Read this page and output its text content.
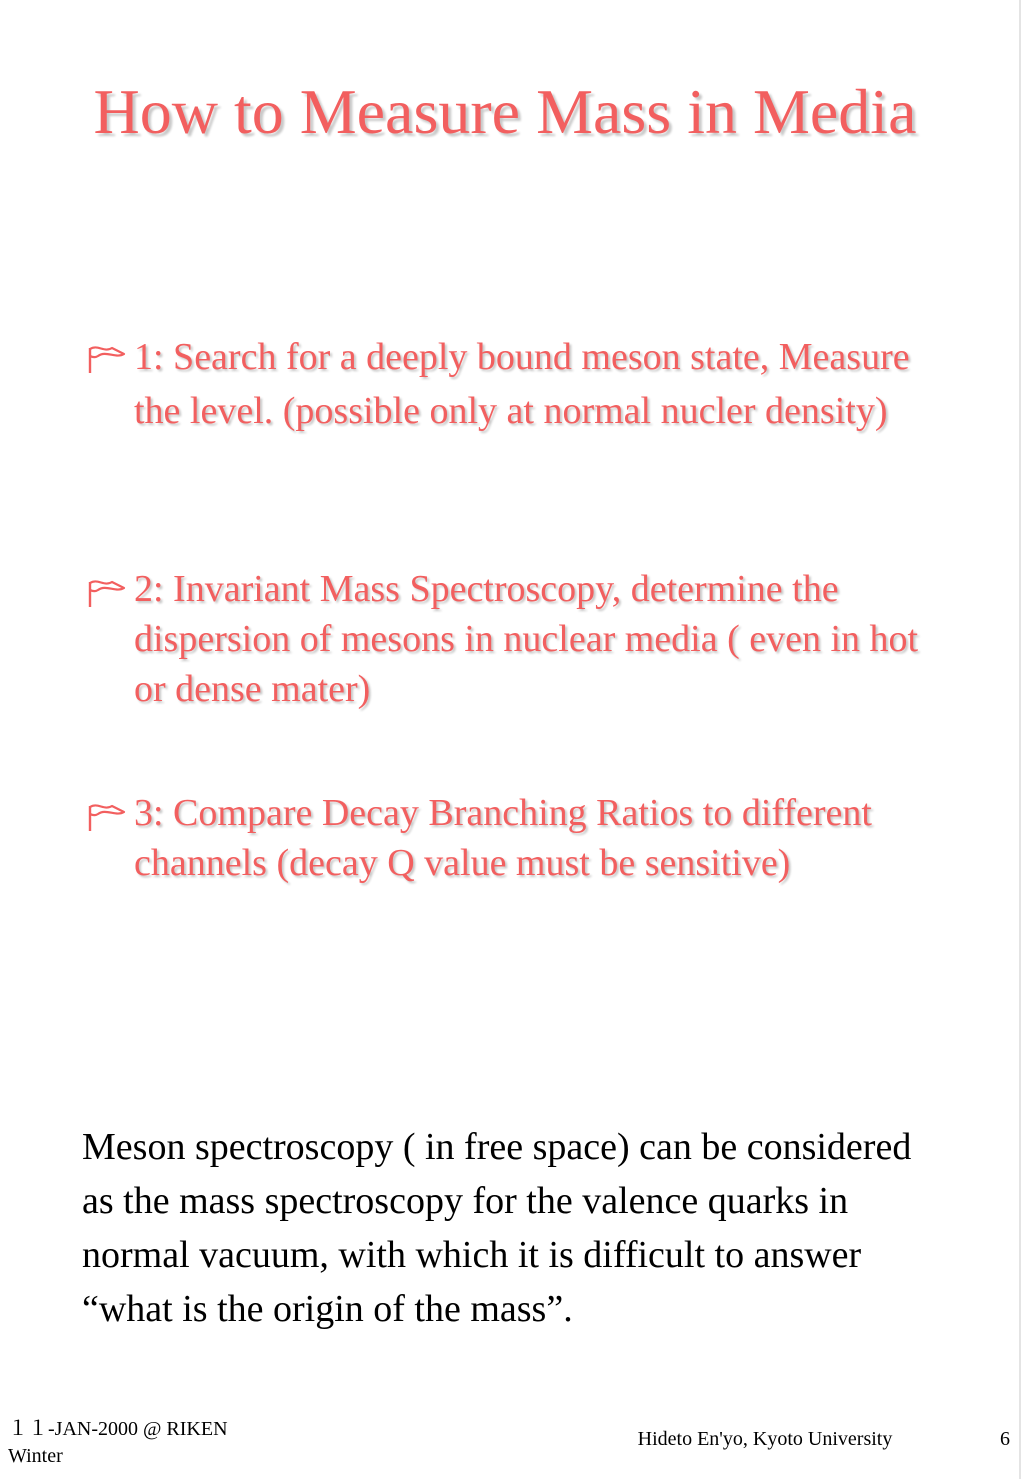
How to Measure Mass in Media
1: Search for a deeply bound meson state, Measure the level. (possible only at normal nucler density)
2: Invariant Mass Spectroscopy, determine the dispersion of mesons in nuclear media ( even in hot or dense mater)
3: Compare Decay Branching Ratios to different channels (decay Q value must be sensitive)
Meson spectroscopy ( in free space) can be considered as the mass spectroscopy for the valence quarks in normal vacuum, with which it is difficult to answer “what is the origin of the mass”.
１１-JAN-2000 @ RIKEN Winter
Hideto En'yo, Kyoto University	6
